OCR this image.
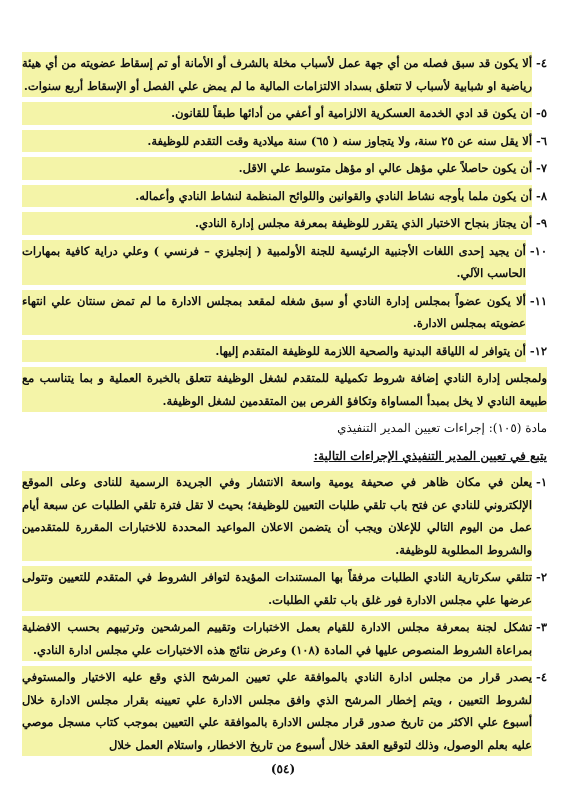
٤-
ألا يكون قد سبق فصله من أي جهة عمل لأسباب مخلة بالشرف أو الأمانة أو تم إسقاط عضويته من أي هيئة رياضية او شبابية لأسباب لا تتعلق بسداد الالتزامات المالية ما لم يمض علي الفصل أو الإسقاط أربع سنوات.
٥-
ان يكون قد ادي الخدمة العسكرية الالزامية أو أعفي من أدائها طبقاً للقانون.
٦-
ألا يقل سنه عن ٢٥ سنة، ولا يتجاوز سنه ( ٦٥) سنة ميلادية وقت التقدم للوظيفة.
٧-
أن يكون حاصلاً علي مؤهل عالي او مؤهل متوسط علي الاقل.
٨-
أن يكون ملما بأوجه نشاط النادي والقوانين واللوائح المنظمة لنشاط النادي وأعماله.
٩-
أن يجتاز بنجاح الاختبار الذي يتقرر للوظيفة بمعرفة مجلس إدارة النادي.
١٠-
أن يجيد إحدى اللغات الأجنبية الرئيسية للجنة الأولمبية ( إنجليزي – فرنسي ) وعلي دراية كافية بمهارات الحاسب الآلي.
١١-
ألا يكون عضواً بمجلس إدارة النادي أو سبق شغله لمقعد بمجلس الادارة ما لم تمض سنتان علي انتهاء عضويته بمجلس الادارة.
١٢-
أن يتوافر له اللياقة البدنية والصحية اللازمة للوظيفة المتقدم إليها.
ولمجلس إدارة النادي إضافة شروط تكميلية للمتقدم لشغل الوظيفة تتعلق بالخبرة العملية و بما يتناسب مع طبيعة النادي لا يخل بمبدأ المساواة وتكافؤ الفرص بين المتقدمين لشغل الوظيفة.
مادة (١٠٥): إجراءات تعيين المدير التنفيذي
يتبع في تعيين المدير التنفيذي الإجراءات التالية:
١-
يعلن في مكان ظاهر في صحيفة يومية واسعة الانتشار وفي الجريدة الرسمية للنادى وعلى الموقع الإلكتروني للنادي عن فتح باب تلقي طلبات التعيين للوظيفة؛ بحيث لا تقل فترة تلقي الطلبات عن سبعة أيام عمل من اليوم التالي للإعلان ويجب أن يتضمن الاعلان المواعيد المحددة للاختبارات المقررة للمتقدمين والشروط المطلوبة للوظيفة.
٢-
تتلقي سكرتارية النادي الطلبات مرفقاً بها المستندات المؤيدة لتوافر الشروط في المتقدم للتعيين وتتولى عرضها علي مجلس الادارة فور غلق باب تلقي الطلبات.
٣-
تشكل لجنة بمعرفة مجلس الادارة للقيام بعمل الاختبارات وتقييم المرشحين وترتيبهم بحسب الافضلية بمراعاة الشروط المنصوص عليها في المادة (١٠٨) وعرض نتائج هذه الاختبارات علي مجلس ادارة النادي.
٤-
يصدر قرار من مجلس ادارة النادي بالموافقة علي تعيين المرشح الذي وقع عليه الاختيار والمستوفي لشروط التعيين ، ويتم إخطار المرشح الذي وافق مجلس الادارة علي تعيينه بقرار مجلس الادارة خلال أسبوع علي الاكثر من تاريخ صدور قرار مجلس الادارة بالموافقة علي التعيين بموجب كتاب مسجل موصي عليه بعلم الوصول، وذلك لتوقيع العقد خلال أسبوع من تاريخ الاخطار، واستلام العمل خلال
(٥٤)
